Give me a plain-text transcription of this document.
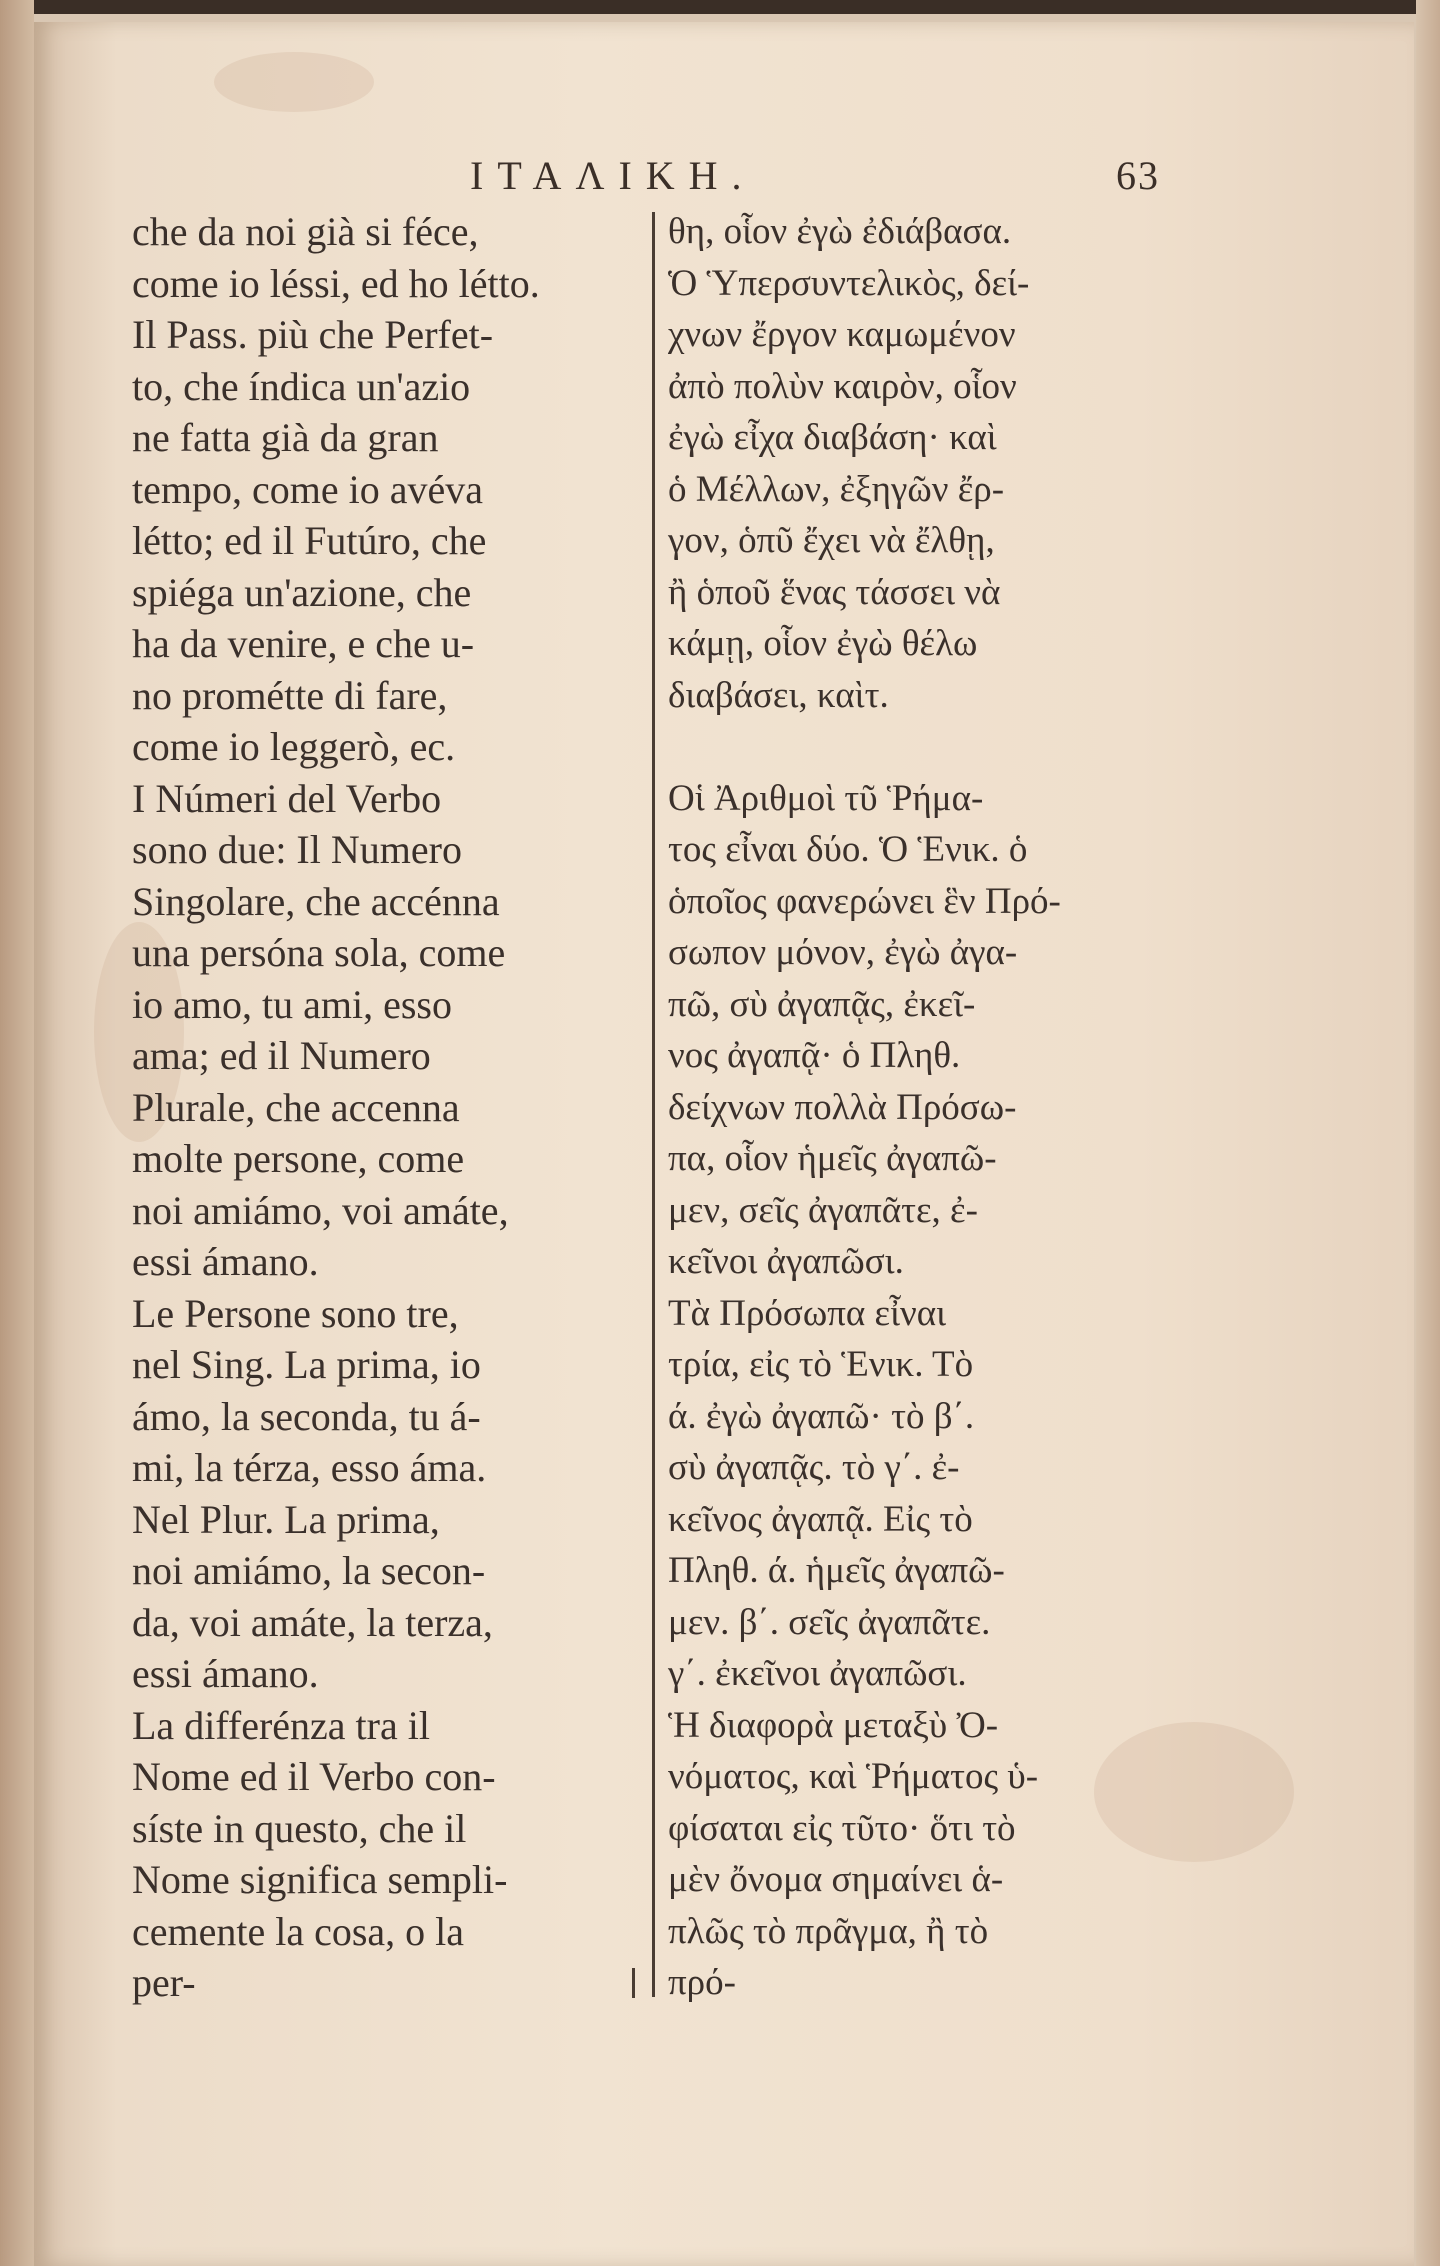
ΙΤΑΛΙΚΗ.	63
che da noi già si féce,
come io léssi, ed ho létto.
Il Pass. più che Perfet-
to, che índica un'azio
ne fatta già da gran
tempo, come io avéva
létto; ed il Futúro, che
spiéga un'azione, che
ha da venire, e che u-
no prométte di fare,
come io leggerò, ec.
I Númeri del Verbo
sono due: Il Numero
Singolare, che accénna
una persóna sola, come
io amo, tu ami, esso
ama; ed il Numero
Plurale, che accenna
molte persone, come
noi amiámo, voi amáte,
essi ámano.
Le Persone sono tre,
nel Sing. La prima, io
ámo, la seconda, tu á-
mi, la térza, esso áma.
Nel Plur. La prima,
noi amiámo, la secon-
da, voi amáte, la terza,
essi ámano.
La differénza tra il
Nome ed il Verbo con-
síste in questo, che il
Nome significa sempli-
cemente la cosa, o la
per-
θη, οἷον ἐγὼ ἐδιάβασα.
Ὁ Ὑπερσυντελικὸς, δεί-
χνων ἔργον καμωμένον
ἀπὸ πολὺν καιρὸν, οἷον
ἐγὼ εἶχα διαβάση· καὶ
ὁ Μέλλων, ἐξηγῶν ἔρ-
γον, ὁπῦ ἔχει νὰ ἔλθῃ,
ἢ ὁποῦ ἕνας τάσσει νὰ
κάμῃ, οἷον ἐγὼ θέλω
διαβάσει, καὶτ.
Οἱ Ἀριθμοὶ τῦ Ῥήμα-
τος εἶναι δύο. Ὁ Ἑνικ. ὁ
ὁποῖος φανερώνει ἓν Πρό-
σωπον μόνον, ἐγὼ ἀγα-
πῶ, σὺ ἀγαπᾷς, ἐκεῖ-
νος ἀγαπᾷ· ὁ Πληθ.
δείχνων πολλὰ Πρόσω-
πα, οἷον ἡμεῖς ἀγαπῶ-
μεν, σεῖς ἀγαπᾶτε, ἐ-
κεῖνοι ἀγαπῶσι.
Τὰ Πρόσωπα εἶναι
τρία, εἰς τὸ Ἑνικ. Τὸ
ά. ἐγὼ ἀγαπῶ· τὸ β΄.
σὺ ἀγαπᾷς. τὸ γ΄. ἐ-
κεῖνος ἀγαπᾷ. Εἰς τὸ
Πληθ. ά. ἡμεῖς ἀγαπῶ-
μεν. β΄. σεῖς ἀγαπᾶτε.
γ΄. ἐκεῖνοι ἀγαπῶσι.
Ἡ διαφορὰ μεταξὺ Ὀ-
νόματος, καὶ Ῥήματος ὑ-
φίσαται εἰς τῦτο· ὅτι τὸ
μὲν ὄνομα σημαίνει ἁ-
πλῶς τὸ πρᾶγμα, ἢ τὸ
πρό-
